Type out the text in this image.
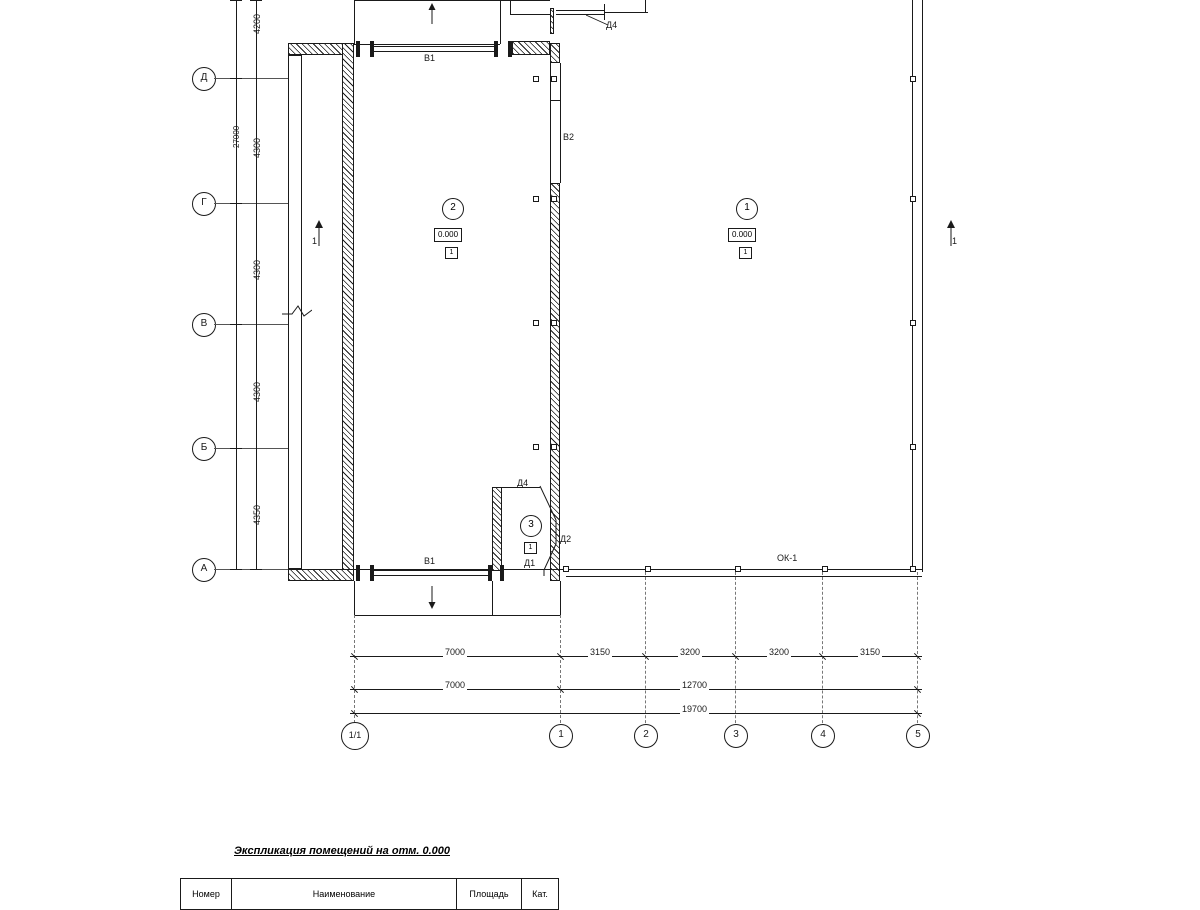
Д
Г
В
Б
А
4200
4300
4300
4300
4350
27000
Д4
Д4
3
1
Д2
Д1
В1
В1
В2
ОК-1
2
0.000
1
1
0.000
1
1	1
7000	3150	3200	3200	3150
7000	12700
19700
1/1	1	2	3	4	5
Экспликация помещений на отм. 0.000
Номер	Наименование	Площадь	Кат.
